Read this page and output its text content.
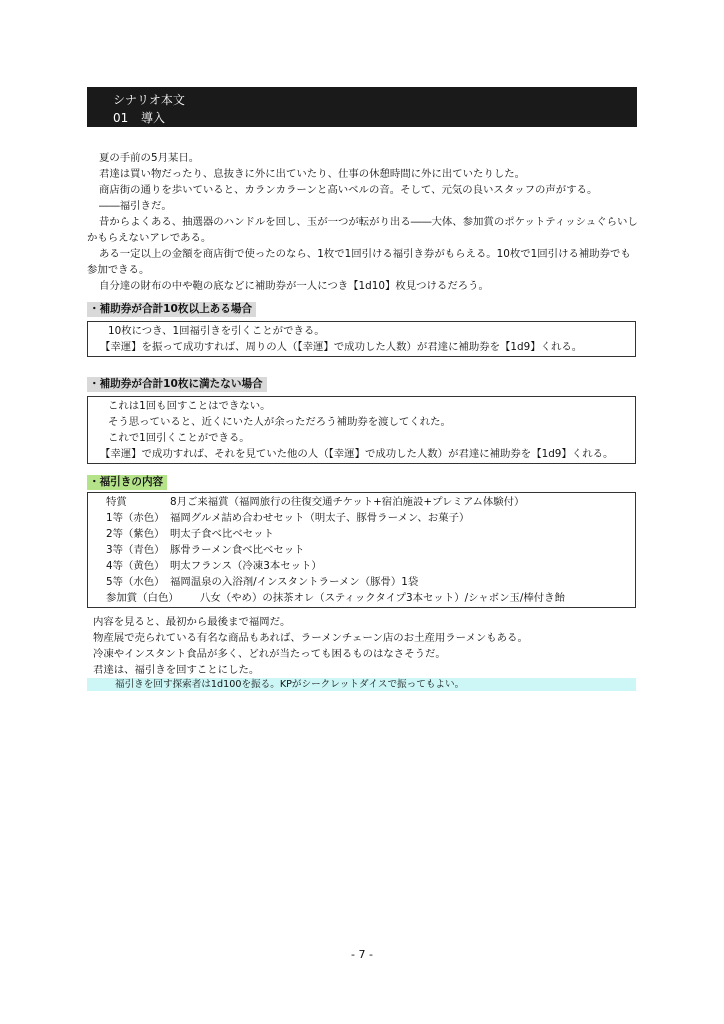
シナリオ本文
01 導入

夏の手前の5月某日。

君達は買い物だったり、息抜きに外に出ていたり、仕事の休憩時間に外に出ていたりした。

商店街の通りを歩いていると、カランカラーンと高いベルの音。そして、元気の良いスタッフの声がする。

――福引きだ。

昔からよくある、抽選器のハンドルを回し、玉が一つが転がり出る――大体、参加賞のポケットティッシュぐらいしかもらえないアレである。

ある一定以上の金額を商店街で使ったのなら、1枚で1回引ける福引き券がもらえる。10枚で1回引ける補助券でも参加できる。

自分達の財布の中や鞄の底などに補助券が一人につき【1d10】枚見つけるだろう。

・補助券が合計10枚以上ある場合

10枚につき、1回福引きを引くことができる。

【幸運】を振って成功すれば、周りの人（【幸運】で成功した人数）が君達に補助券を【1d9】くれる。

・補助券が合計10枚に満たない場合

これは1回も回すことはできない。

そう思っていると、近くにいた人が余っただろう補助券を渡してくれた。

これで1回引くことができる。

【幸運】で成功すれば、それを見ていた他の人（【幸運】で成功した人数）が君達に補助券を【1d9】くれる。

・福引きの内容
特賞	8月ご来福賞（福岡旅行の往復交通チケット+宿泊施設+プレミアム体験付）
1等（赤色） 福岡グルメ詰め合わせセット（明太子、豚骨ラーメン、お菓子）
2等（紫色） 明太子食べ比べセット
3等（青色） 豚骨ラーメン食べ比べセット
4等（黄色） 明太フランス（冷凍3本セット）
5等（水色） 福岡温泉の入浴剤/インスタントラーメン（豚骨）1袋
参加賞（白色）	八女（やめ）の抹茶オレ（スティックタイプ3本セット）/シャボン玉/棒付き飴

内容を見ると、最初から最後まで福岡だ。

物産展で売られている有名な商品もあれば、ラーメンチェーン店のお土産用ラーメンもある。

冷凍やインスタント食品が多く、どれが当たっても困るものはなさそうだ。

君達は、福引きを回すことにした。

福引きを回す探索者は1d100を振る。KPがシークレットダイスで振ってもよい。
- 7 -
